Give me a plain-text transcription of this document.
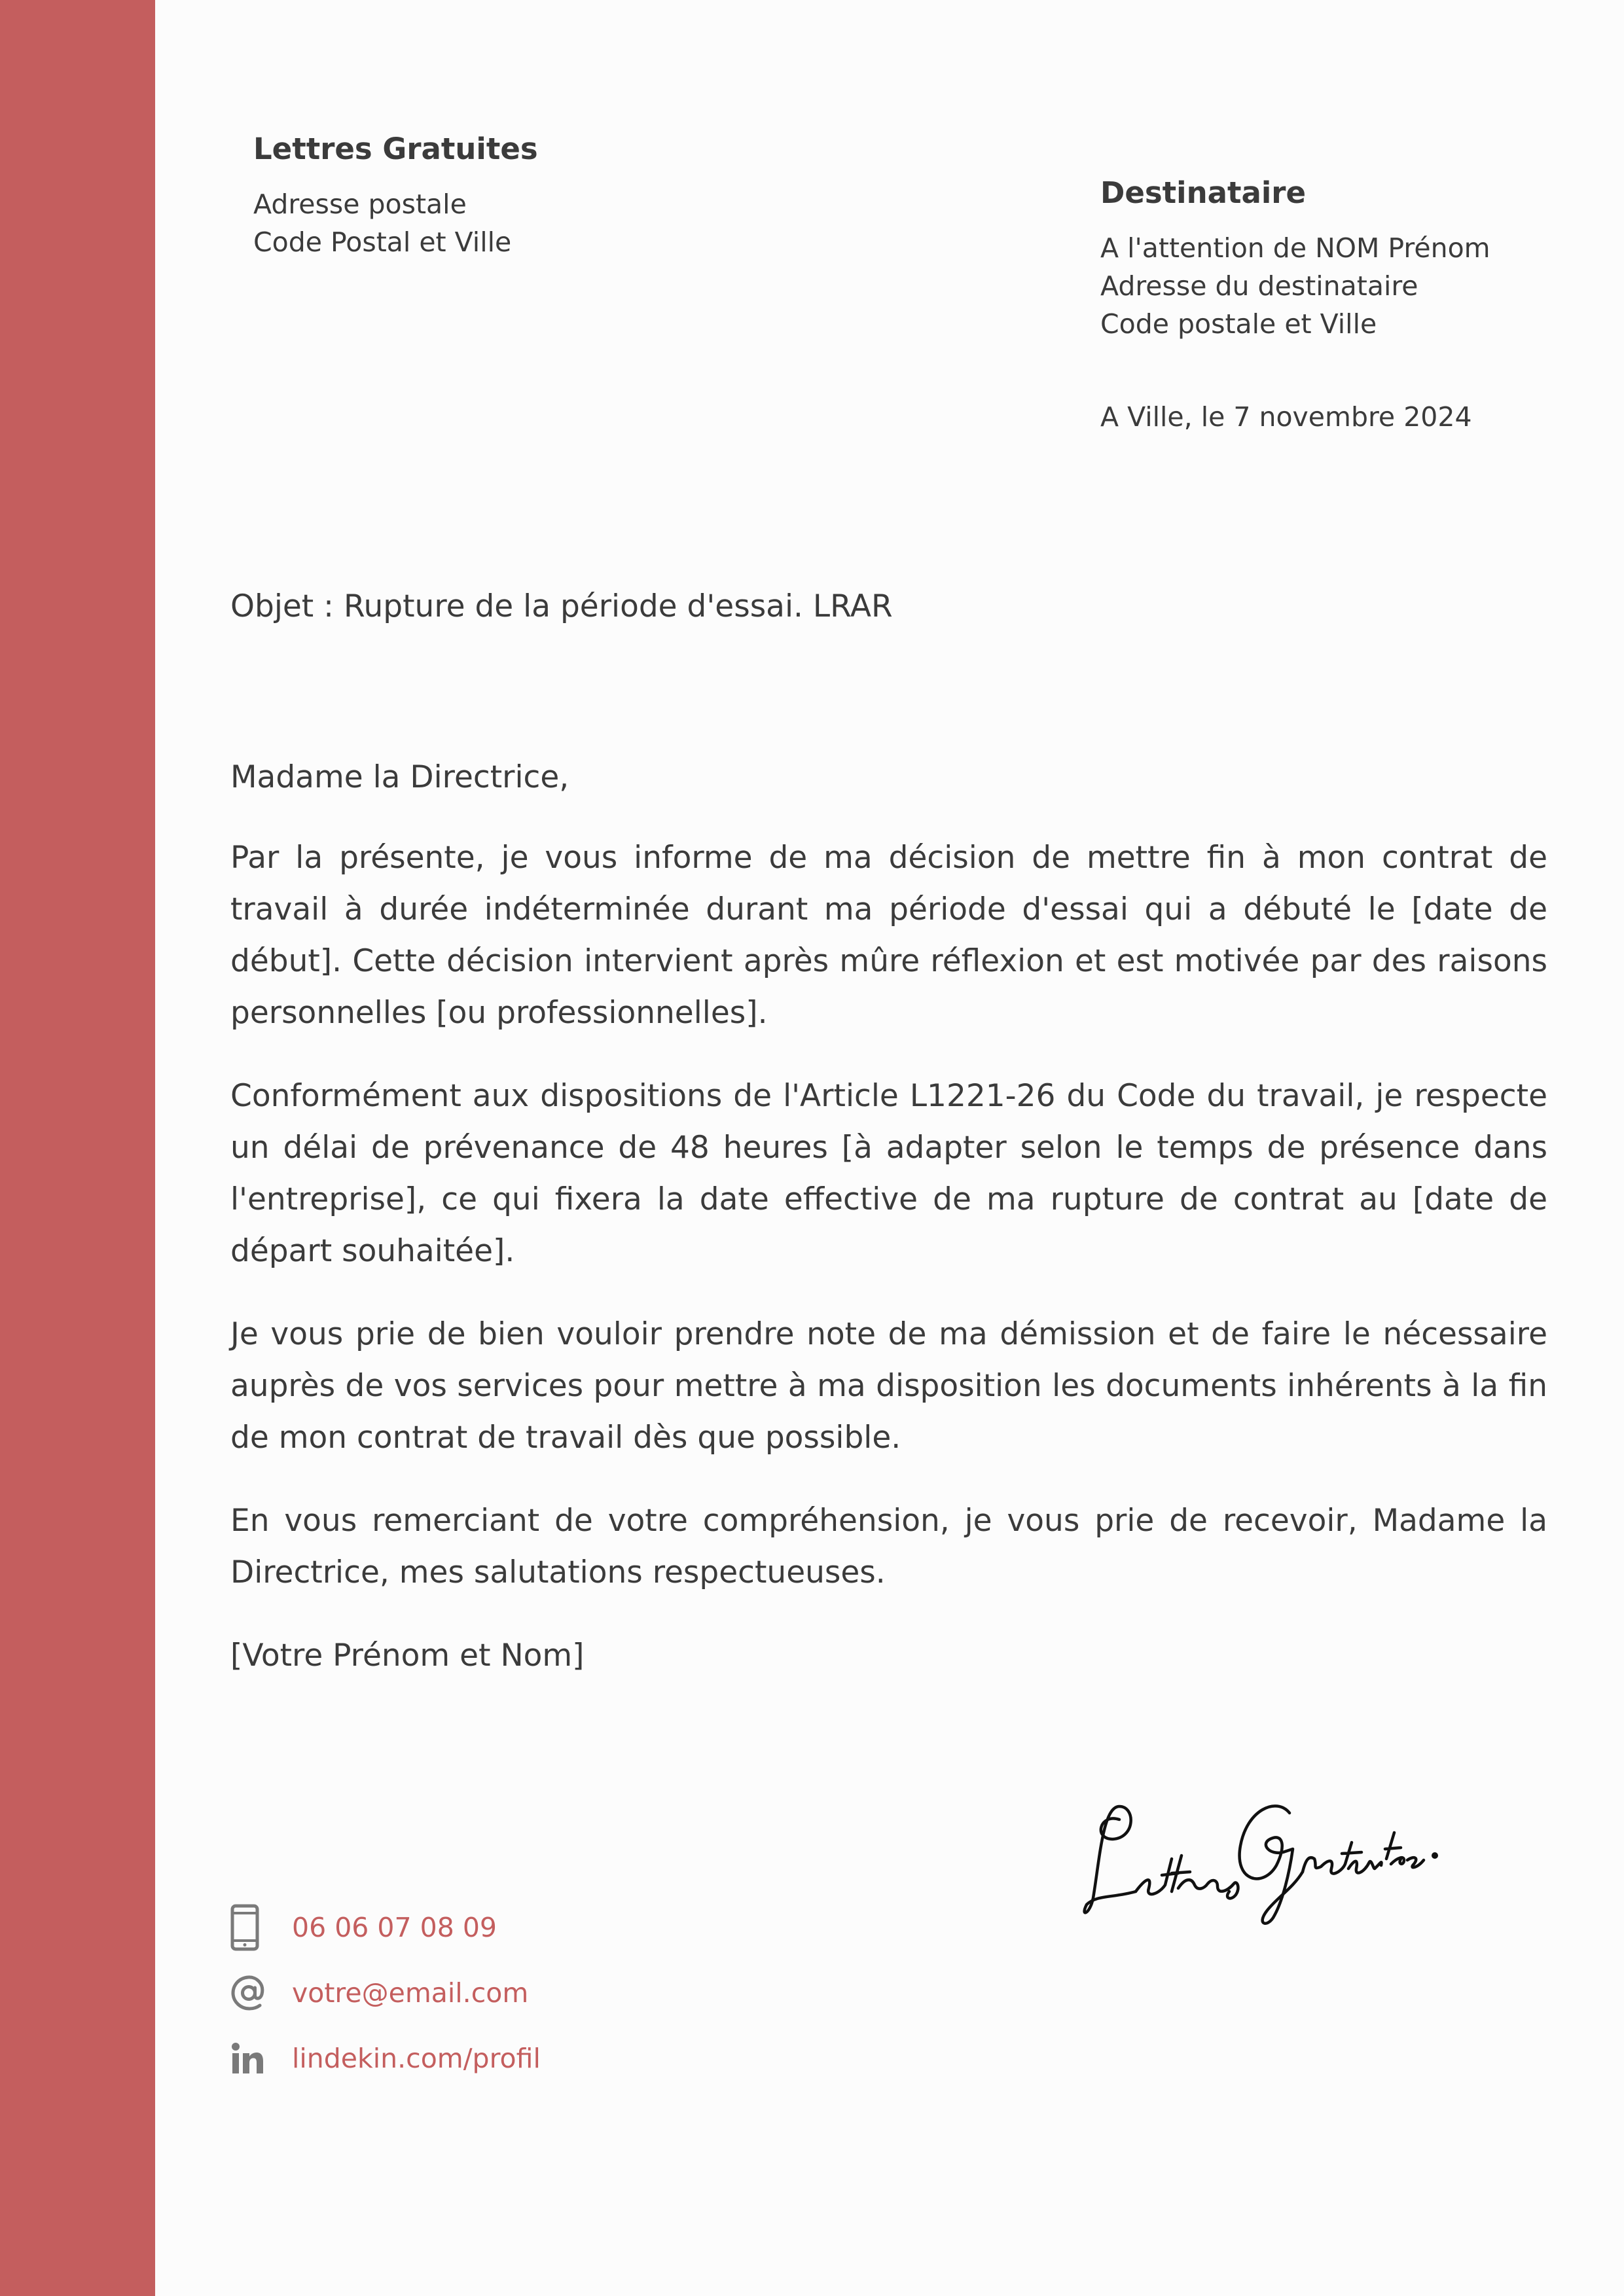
Lettres Gratuites
Adresse postale
Code Postal et Ville
Destinataire
A l'attention de NOM Prénom
Adresse du destinataire
Code postale et Ville
A Ville, le 7 novembre 2024
Objet : Rupture de la période d'essai. LRAR

Madame la Directrice,

Par la présente, je vous informe de ma décision de mettre fin à mon contrat de travail à durée indéterminée durant ma période d'essai qui a débuté le [date de début]. Cette décision intervient après mûre réflexion et est motivée par des raisons personnelles [ou professionnelles].

Conformément aux dispositions de l'Article L1221-26 du Code du travail, je respecte un délai de prévenance de 48 heures [à adapter selon le temps de présence dans l'entreprise], ce qui fixera la date effective de ma rupture de contrat au [date de départ souhaitée].

Je vous prie de bien vouloir prendre note de ma démission et de faire le nécessaire auprès de vos services pour mettre à ma disposition les documents inhérents à la fin de mon contrat de travail dès que possible.

En vous remerciant de votre compréhension, je vous prie de recevoir, Madame la Directrice, mes salutations respectueuses.

[Votre Prénom et Nom]

06 06 07 08 09
votre@email.com
lindekin.com/profil
